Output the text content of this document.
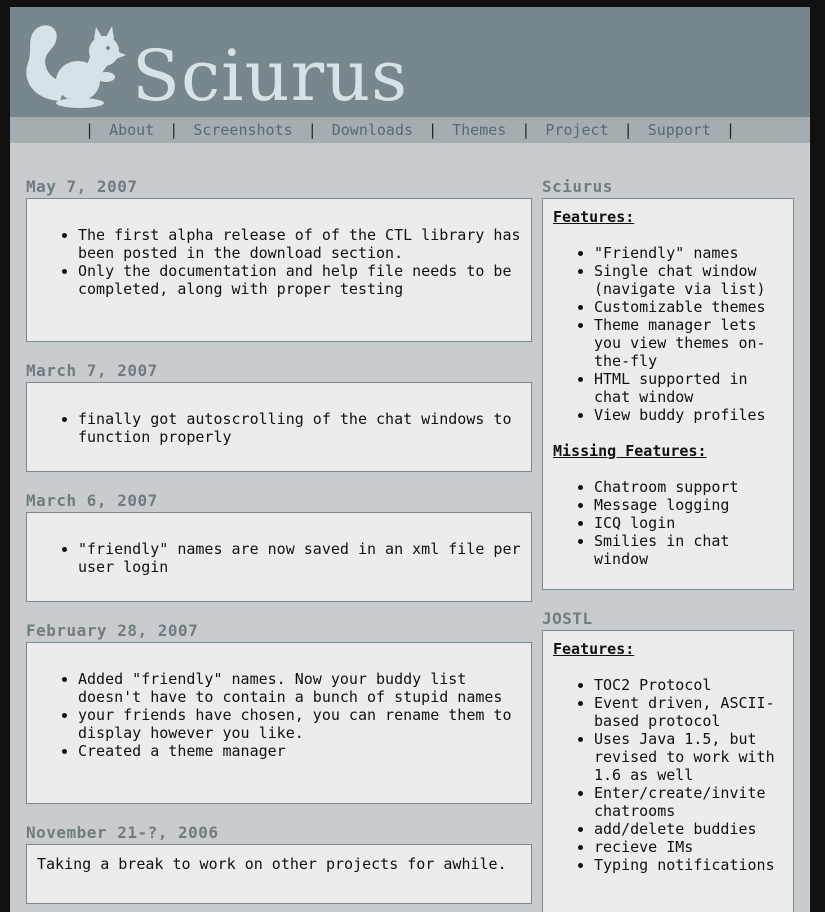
Sciurus
| About | Screenshots | Downloads | Themes | Project | Support |
May 7, 2007
• The first alpha release of of the CTL library has been posted in the download section.
• Only the documentation and help file needs to be completed, along with proper testing
March 7, 2007
• finally got autoscrolling of the chat windows to function properly
March 6, 2007
• "friendly" names are now saved in an xml file per user login
February 28, 2007
• Added "friendly" names. Now your buddy list doesn't have to contain a bunch of stupid names
• your friends have chosen, you can rename them to display however you like.
• Created a theme manager
November 21-?, 2006
Taking a break to work on other projects for awhile.
Sciurus
Features:
• "Friendly" names
• Single chat window (navigate via list)
• Customizable themes
• Theme manager lets you view themes on-the-fly
• HTML supported in chat window
• View buddy profiles
Missing Features:
• Chatroom support
• Message logging
• ICQ login
• Smilies in chat window
JOSTL
Features:
• TOC2 Protocol
• Event driven, ASCII-based protocol
• Uses Java 1.5, but revised to work with 1.6 as well
• Enter/create/invite chatrooms
• add/delete buddies
• recieve IMs
• Typing notifications
